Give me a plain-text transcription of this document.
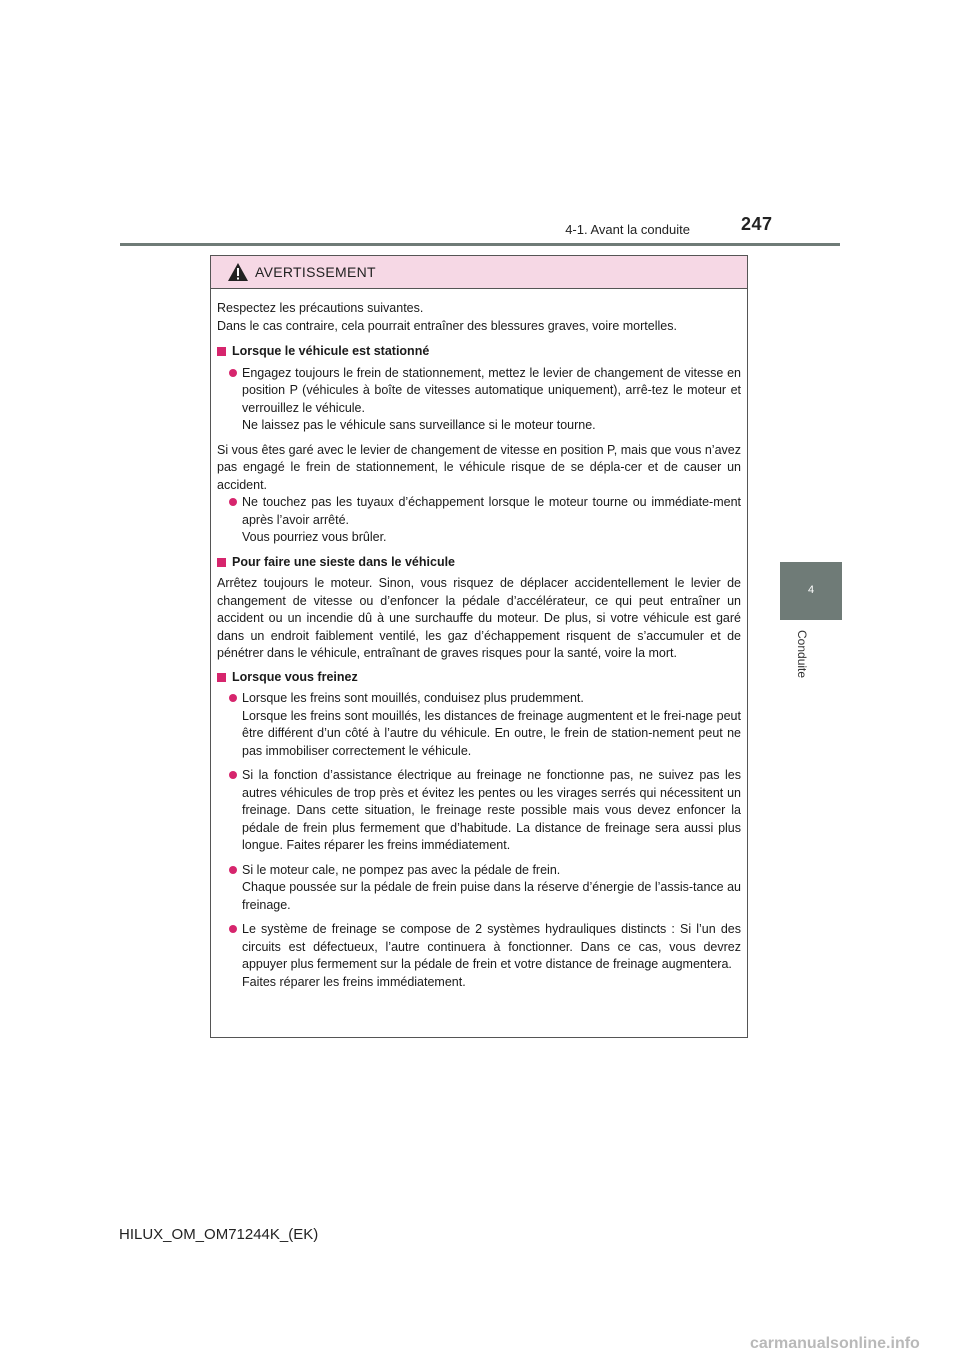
4-1. Avant la conduite	247
4
Conduite
AVERTISSEMENT

Respectez les précautions suivantes.

Dans le cas contraire, cela pourrait entraîner des blessures graves, voire mortelles.

Lorsque le véhicule est stationné

Engagez toujours le frein de stationnement, mettez le levier de changement de vitesse en position P (véhicules à boîte de vitesses automatique uniquement), arrê-tez le moteur et verrouillez le véhicule.

Ne laissez pas le véhicule sans surveillance si le moteur tourne.

Si vous êtes garé avec le levier de changement de vitesse en position P, mais que vous n’avez pas engagé le frein de stationnement, le véhicule risque de se dépla-cer et de causer un accident.

Ne touchez pas les tuyaux d’échappement lorsque le moteur tourne ou immédiate-ment après l’avoir arrêté.

Vous pourriez vous brûler.

Pour faire une sieste dans le véhicule

Arrêtez toujours le moteur. Sinon, vous risquez de déplacer accidentellement le levier de changement de vitesse ou d’enfoncer la pédale d’accélérateur, ce qui peut entraîner un accident ou un incendie dû à une surchauffe du moteur. De plus, si votre véhicule est garé dans un endroit faiblement ventilé, les gaz d’échappement risquent de s’accumuler et de pénétrer dans le véhicule, entraînant de graves risques pour la santé, voire la mort.

Lorsque vous freinez

Lorsque les freins sont mouillés, conduisez plus prudemment.

Lorsque les freins sont mouillés, les distances de freinage augmentent et le frei-nage peut être différent d’un côté à l’autre du véhicule. En outre, le frein de station-nement peut ne pas immobiliser correctement le véhicule.

Si la fonction d’assistance électrique au freinage ne fonctionne pas, ne suivez pas les autres véhicules de trop près et évitez les pentes ou les virages serrés qui nécessitent un freinage. Dans cette situation, le freinage reste possible mais vous devez enfoncer la pédale de frein plus fermement que d’habitude. La distance de freinage sera aussi plus longue. Faites réparer les freins immédiatement.

Si le moteur cale, ne pompez pas avec la pédale de frein.

Chaque poussée sur la pédale de frein puise dans la réserve d’énergie de l’assis-tance au freinage.

Le système de freinage se compose de 2 systèmes hydrauliques distincts : Si l’un des circuits est défectueux, l’autre continuera à fonctionner. Dans ce cas, vous devrez appuyer plus fermement sur la pédale de frein et votre distance de freinage augmentera.

Faites réparer les freins immédiatement.

HILUX_OM_OM71244K_(EK)
carmanualsonline.info
